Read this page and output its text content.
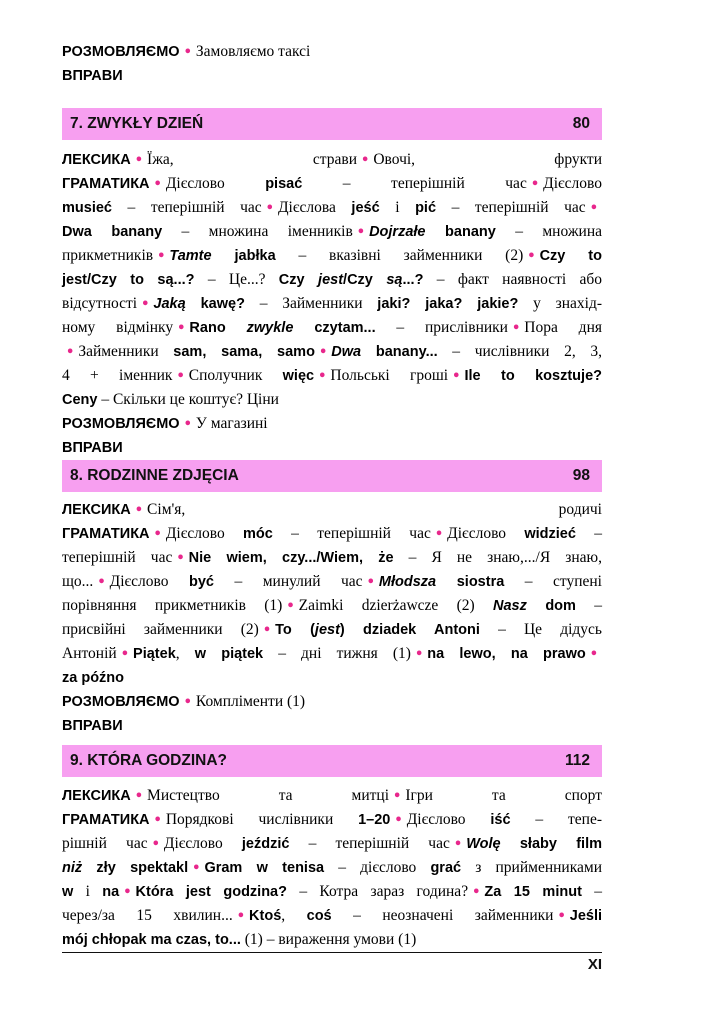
РОЗМОВЛЯЄМО • Замовляємо таксі
ВПРАВИ
7. ZWYKŁY DZIEŃ	80
ЛЕКСИКА • Їжа, страви • Овочі, фрукти
ГРАМАТИКА • Дієслово pisać – теперішній час • Дієслово
musieć – теперішній час • Дієслова jeść і pić – теперішній час •
Dwa banany – множина іменників • Dojrzałe banany – множина
прикметників • Tamte jabłka – вказівні займенники (2) • Czy to
jest/Czy to są...? – Це...? Czy jest/Czy są...? – факт наявності або
відсутності • Jaką kawę? – Займенники jaki? jaka? jakie? у знахід-
ному відмінку • Rano zwykle czytam... – прислівники • Пора дня
• Займенники sam, sama, samo • Dwa banany... – числівники 2, 3,
4 + іменник • Сполучник więc • Польські гроші • Ile to kosztuje?
Ceny – Скільки це коштує? Ціни
РОЗМОВЛЯЄМО • У магазині
ВПРАВИ
8. RODZINNE ZDJĘCIA	98
ЛЕКСИКА • Сім'я, родичі
ГРАМАТИКА • Дієслово móc – теперішній час • Дієслово widzieć –
теперішній час • Nie wiem, czy.../Wiem, że – Я не знаю,.../Я знаю,
що... • Дієслово być – минулий час • Młodsza siostra – ступені
порівняння прикметників (1) • Zaimki dzierżawcze (2) Nasz dom –
присвійні займенники (2) • To (jest) dziadek Antoni – Це дідусь
Антоній • Piątek, w piątek – дні тижня (1) • na lewo, na prawo •
za późno
РОЗМОВЛЯЄМО • Компліменти (1)
ВПРАВИ
9. KTÓRA GODZINA?	112
ЛЕКСИКА • Мистецтво та митці • Ігри та спорт
ГРАМАТИКА • Порядкові числівники 1–20 • Дієслово iść – тепе-
рішній час • Дієслово jeździć – теперішній час • Wolę słaby film
niż zły spektakl • Gram w tenisa – дієслово grać з прийменниками
w і na • Która jest godzina? – Котра зараз година? • Za 15 minut –
через/за 15 хвилин... • Ktoś, coś – неозначені займенники • Jeśli
mój chłopak ma czas, to... (1) – вираження умови (1)
XI
